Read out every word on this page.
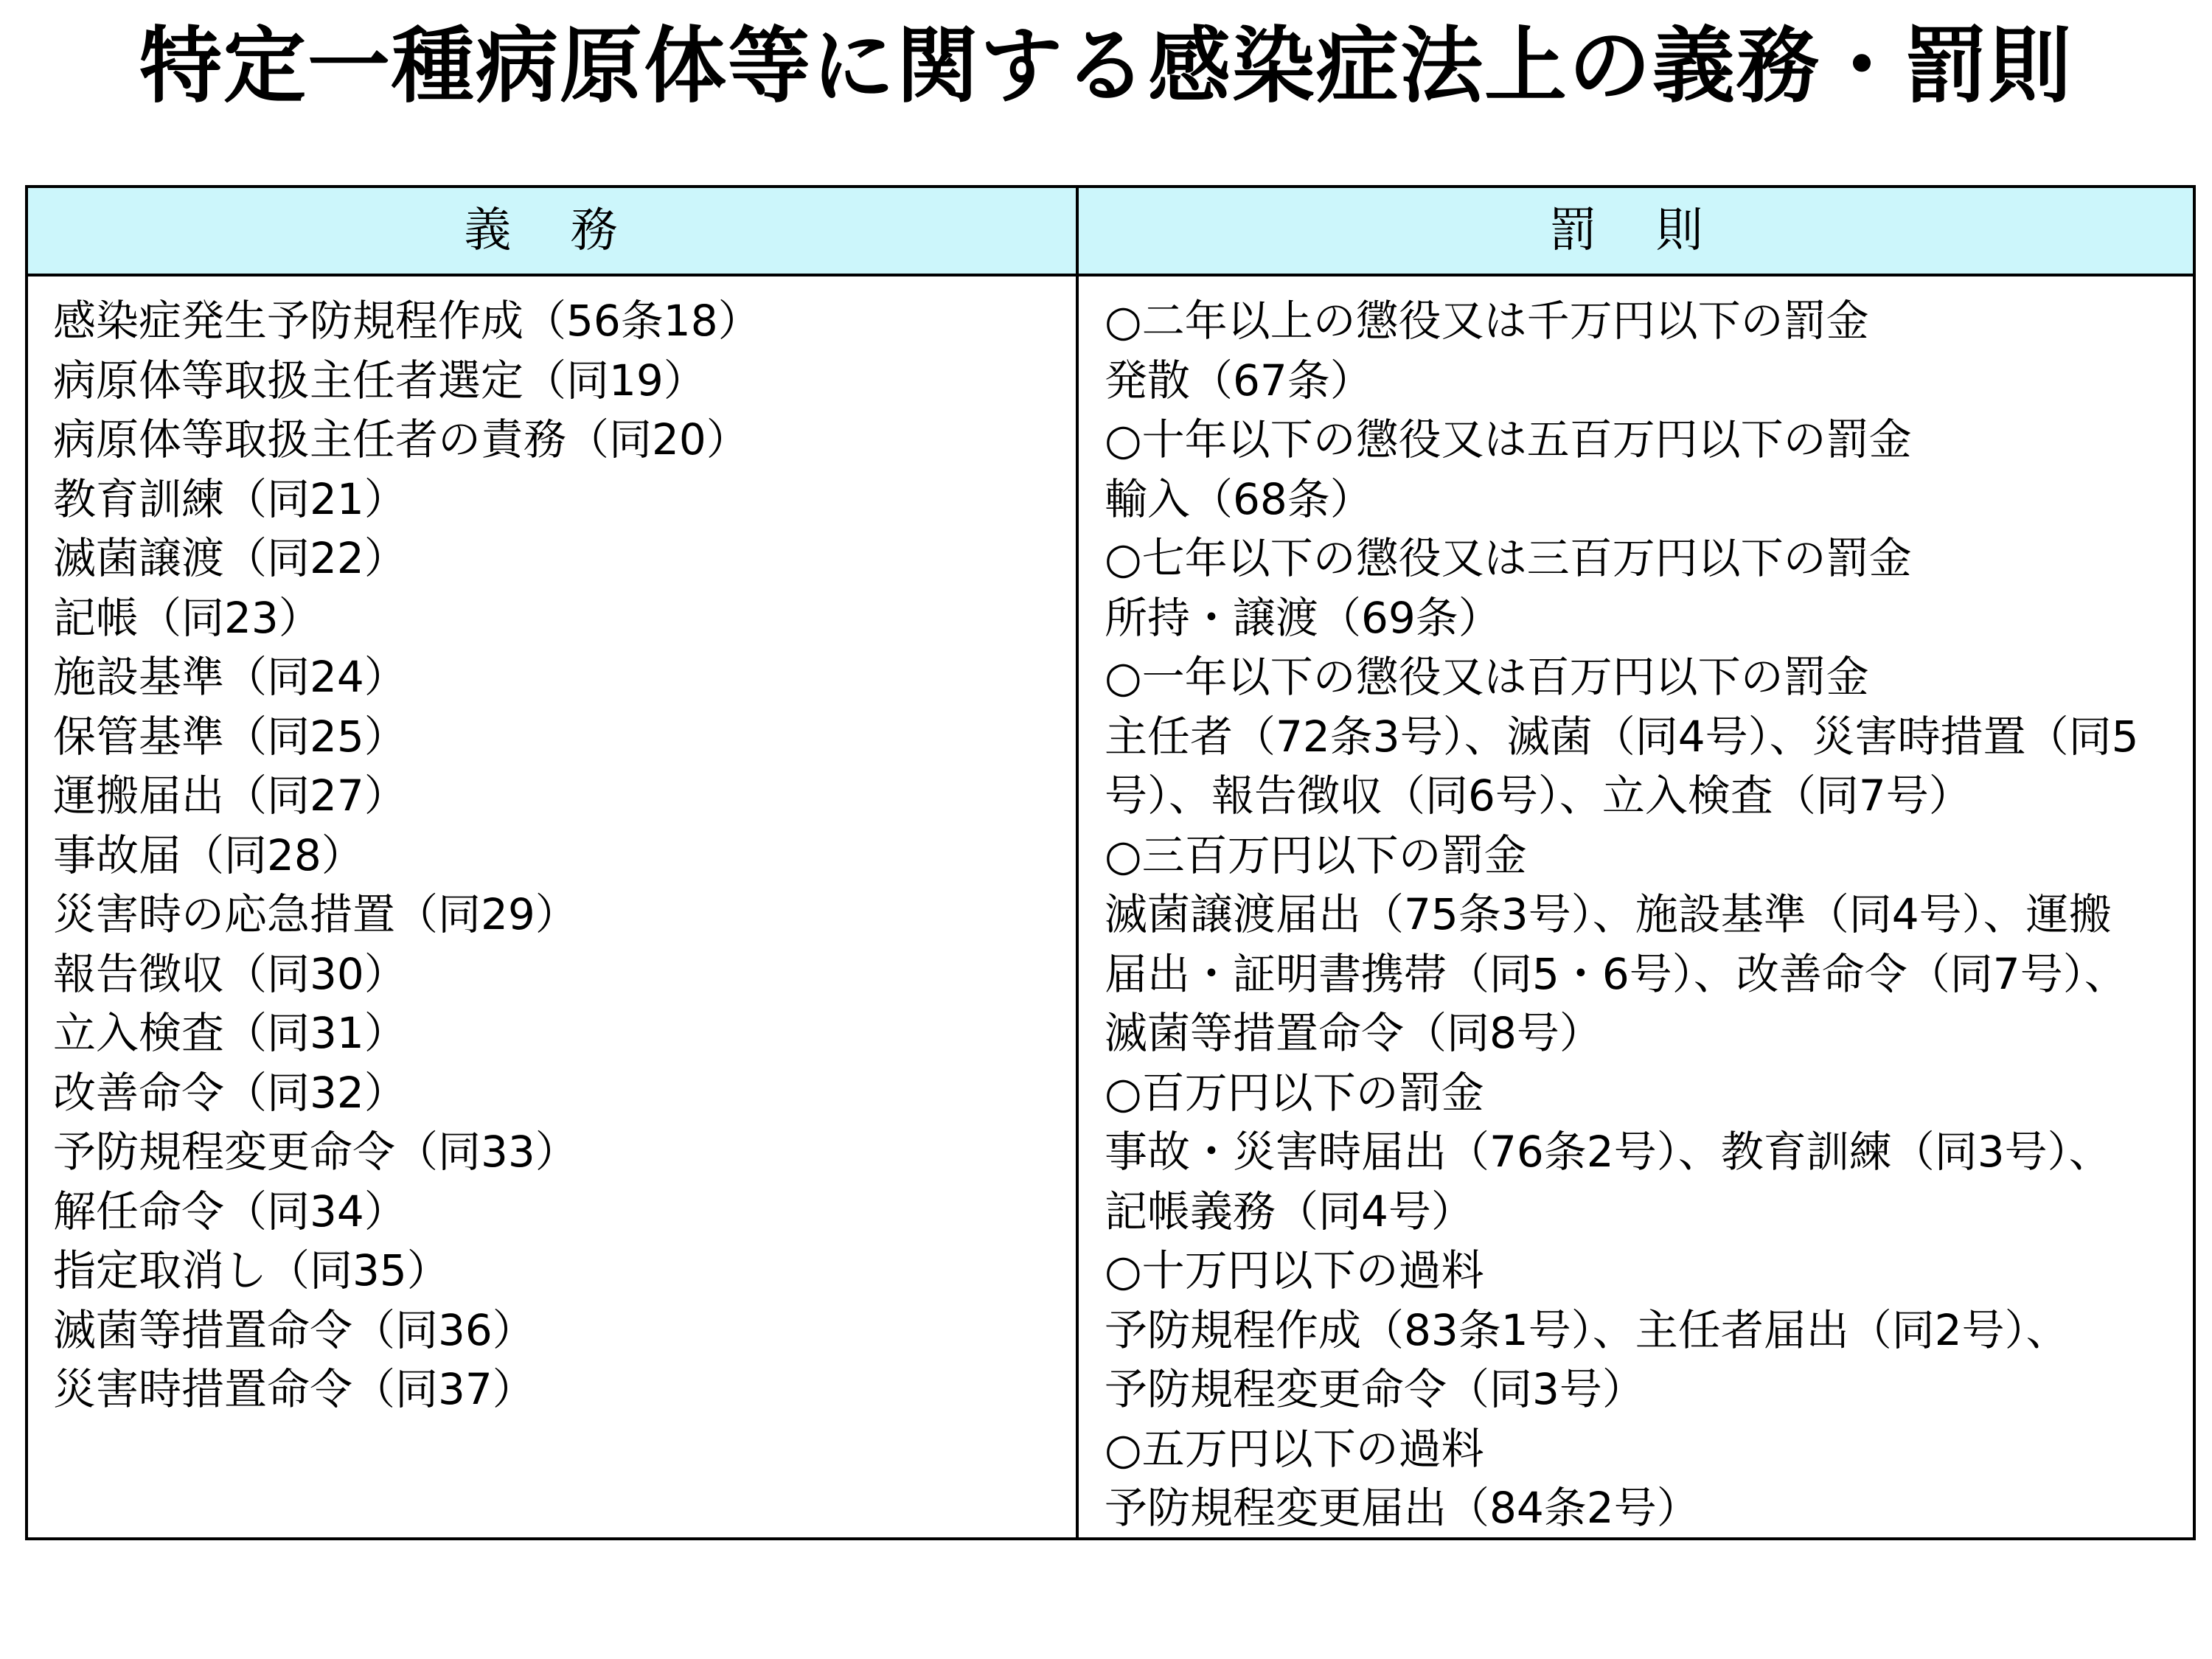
特定一種病原体等に関する感染症法上の義務・罰則
義 務	罰 則
感染症発生予防規程作成（56条18）
病原体等取扱主任者選定（同19）
病原体等取扱主任者の責務（同20）
教育訓練（同21）
滅菌譲渡（同22）
記帳（同23）
施設基準（同24）
保管基準（同25）
運搬届出（同27）
事故届（同28）
災害時の応急措置（同29）
報告徴収（同30）
立入検査（同31）
改善命令（同32）
予防規程変更命令（同33）
解任命令（同34）
指定取消し（同35）
滅菌等措置命令（同36）
災害時措置命令（同37）
○二年以上の懲役又は千万円以下の罰金
発散（67条）
○十年以下の懲役又は五百万円以下の罰金
輸入（68条）
○七年以下の懲役又は三百万円以下の罰金
所持・譲渡（69条）
○一年以下の懲役又は百万円以下の罰金
主任者（72条3号）、滅菌（同4号）、災害時措置（同5
号）、報告徴収（同6号）、立入検査（同7号）
○三百万円以下の罰金
滅菌譲渡届出（75条3号）、施設基準（同4号）、運搬
届出・証明書携帯（同5・6号）、改善命令（同7号）、
滅菌等措置命令（同8号）
○百万円以下の罰金
事故・災害時届出（76条2号）、教育訓練（同3号）、
記帳義務（同4号）
○十万円以下の過料
予防規程作成（83条1号）、主任者届出（同2号）、
予防規程変更命令（同3号）
○五万円以下の過料
予防規程変更届出（84条2号）
